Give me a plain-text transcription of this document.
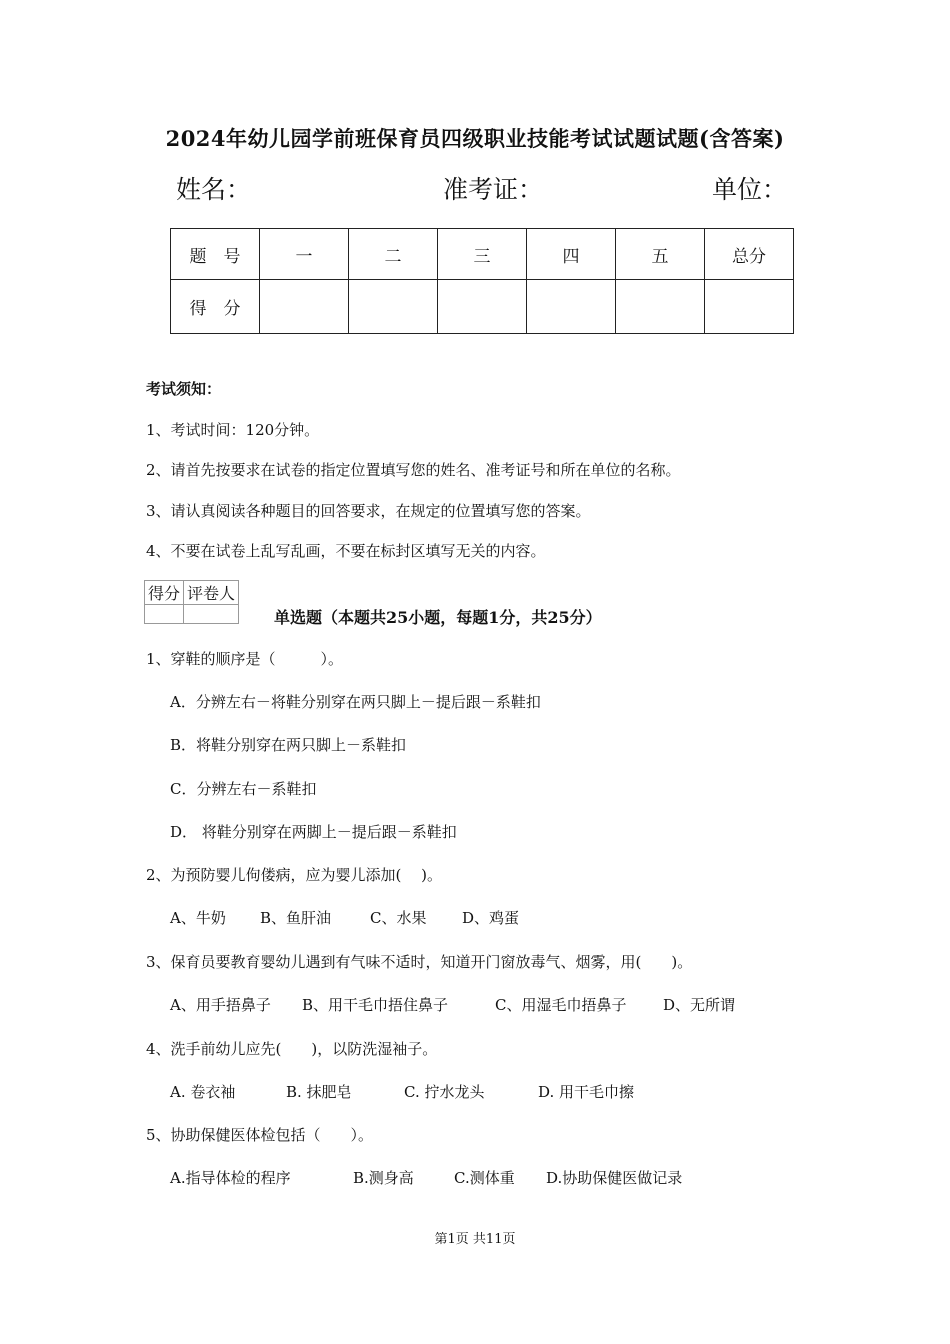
2024年幼儿园学前班保育员四级职业技能考试试题试题(含答案)
姓名：	准考证：	单位：
题　号	一	二	三	四	五	总分
得　分						
考试须知：
1、考试时间：120分钟。
2、请首先按要求在试卷的指定位置填写您的姓名、准考证号和所在单位的名称。
3、请认真阅读各种题目的回答要求，在规定的位置填写您的答案。
4、不要在试卷上乱写乱画，不要在标封区填写无关的内容。
得分	评卷人

单选题（本题共25小题，每题1分，共25分）
1、穿鞋的顺序是（　　　）。
A．分辨左右－将鞋分别穿在两只脚上－提后跟－系鞋扣
B．将鞋分别穿在两只脚上－系鞋扣
C．分辨左右－系鞋扣
D． 将鞋分别穿在两脚上－提后跟－系鞋扣
2、为预防婴儿佝偻病，应为婴儿添加(　 )。
A、牛奶 B、鱼肝油	C、水果 D、鸡蛋
3、保育员要教育婴幼儿遇到有气味不适时，知道开门窗放毒气、烟雾，用(　　)。
A、用手捂鼻子 B、用干毛巾捂住鼻子	C、用湿毛巾捂鼻子 D、无所谓
4、洗手前幼儿应先(　　)，以防洗湿袖子。
A. 卷衣袖	B. 抹肥皂	C. 拧水龙头	D. 用干毛巾擦
5、协助保健医体检包括（　　）。
A.指导体检的程序	B.测身高	C.测体重 D.协助保健医做记录
第1页 共11页
